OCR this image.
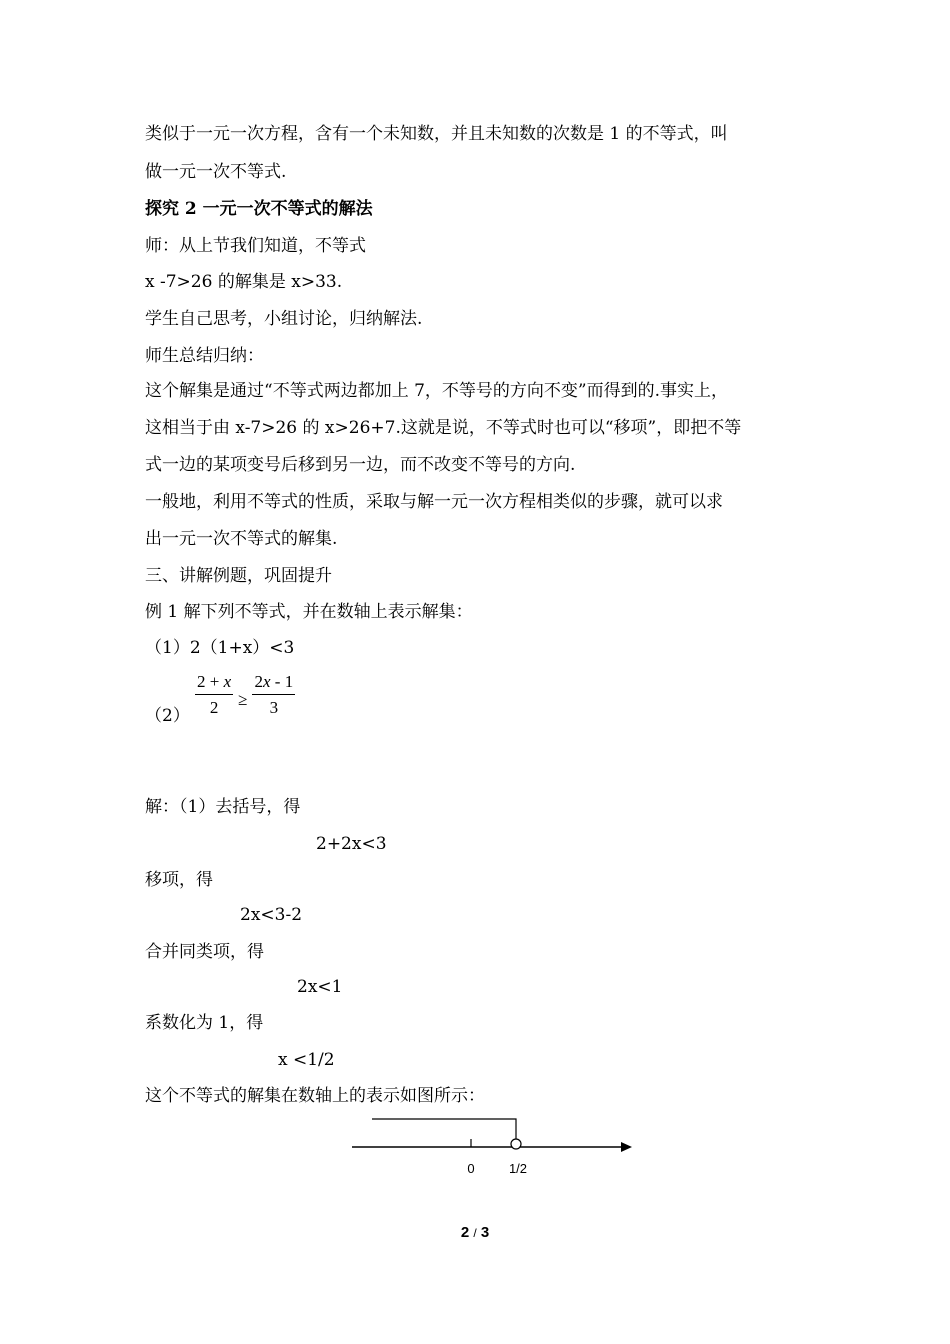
类似于一元一次方程，含有一个未知数，并且未知数的次数是 1 的不等式，叫
做一元一次不等式.
探究 2 一元一次不等式的解法
师：从上节我们知道，不等式
x -7>26 的解集是 x>33.
学生自己思考，小组讨论，归纳解法.
师生总结归纳：
这个解集是通过“不等式两边都加上 7，不等号的方向不变”而得到的.事实上，
这相当于由 x-7>26 的 x>26+7.这就是说，不等式时也可以“移项”，即把不等
式一边的某项变号后移到另一边，而不改变不等号的方向.
一般地，利用不等式的性质，采取与解一元一次方程相类似的步骤，就可以求
出一元一次不等式的解集.
三、讲解例题，巩固提升
例 1 解下列不等式，并在数轴上表示解集：
（1）2（1+x）<3
$(2) \frac{2 + x}{2} \ge \frac{2x - 1}{3}$
解：（1）去括号，得
2+2x<3
移项，得
2x<3-2
合并同类项，得
2x<1
系数化为 1，得
x <1/2
这个不等式的解集在数轴上的表示如图所示：
0	1/2
2 / 3
